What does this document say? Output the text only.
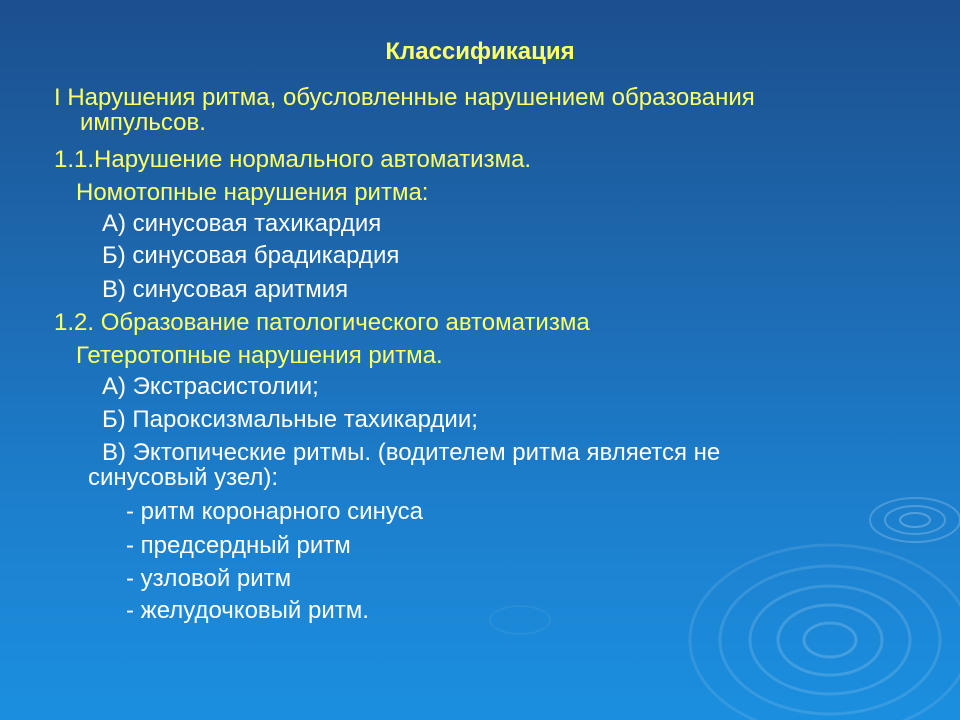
Классификация

I Нарушения ритма, обусловленные нарушением образования

импульсов.

1.1.Нарушение нормального автоматизма.

Номотопные нарушения ритма:

А) синусовая тахикардия

Б) синусовая брадикардия

В) синусовая аритмия

1.2. Образование патологического автоматизма

Гетеротопные нарушения ритма.

А) Экстрасистолии;

Б) Пароксизмальные тахикардии;

В) Эктопические ритмы. (водителем ритма является не

синусовый узел):

- ритм коронарного синуса

- предсердный ритм

- узловой ритм

- желудочковый ритм.
